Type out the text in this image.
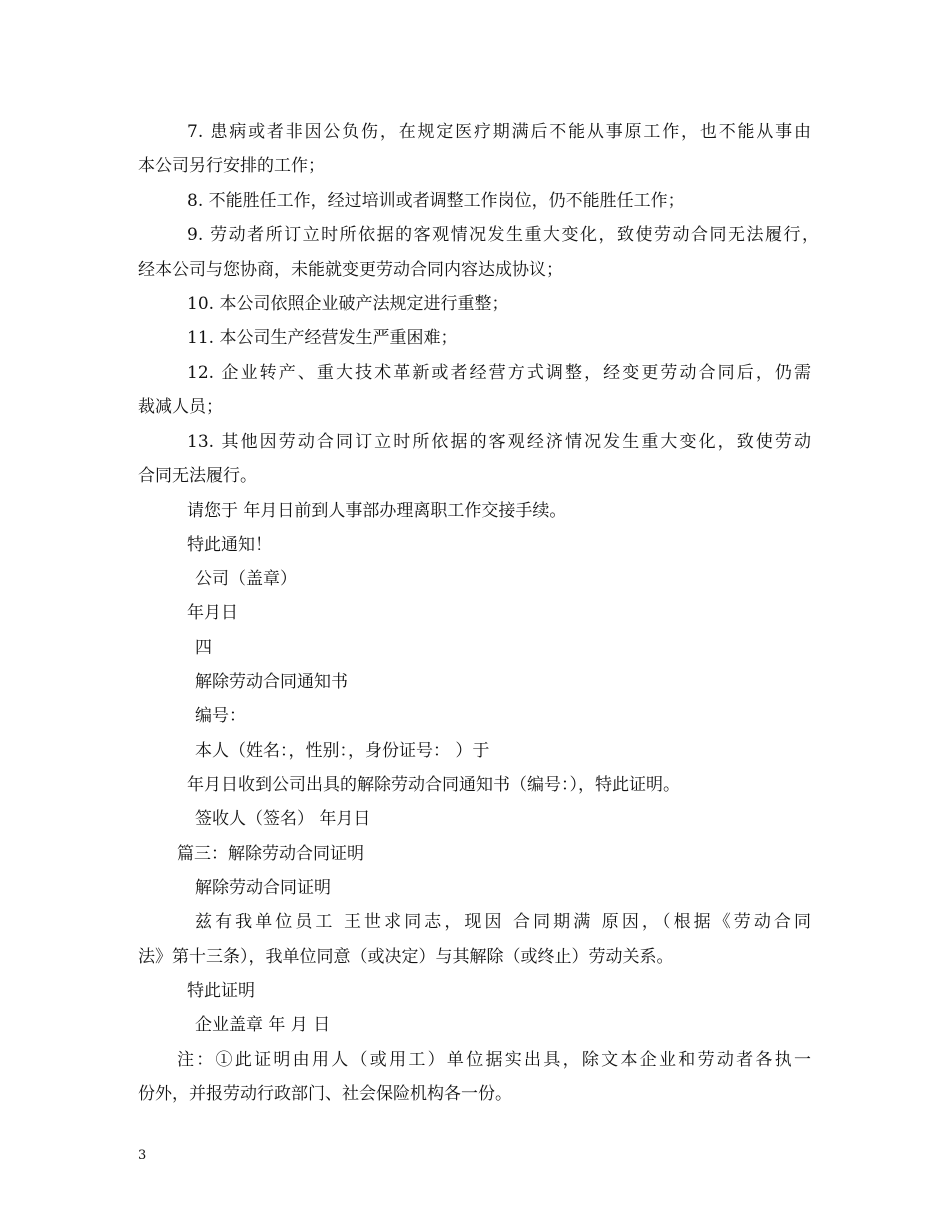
7. 患病或者非因公负伤，在规定医疗期满后不能从事原工作，也不能从事由
本公司另行安排的工作；
8. 不能胜任工作，经过培训或者调整工作岗位，仍不能胜任工作；
9. 劳动者所订立时所依据的客观情况发生重大变化，致使劳动合同无法履行，
经本公司与您协商，未能就变更劳动合同内容达成协议；
10. 本公司依照企业破产法规定进行重整；
11. 本公司生产经营发生严重困难；
12. 企业转产、重大技术革新或者经营方式调整，经变更劳动合同后，仍需
裁减人员；
13. 其他因劳动合同订立时所依据的客观经济情况发生重大变化，致使劳动
合同无法履行。
请您于 年月日前到人事部办理离职工作交接手续。
特此通知！
公司（盖章）
年月日
四
解除劳动合同通知书
编号：
本人（姓名：，性别：，身份证号： ）于
年月日收到公司出具的解除劳动合同通知书（编号：），特此证明。
签收人（签名） 年月日
篇三：解除劳动合同证明
解除劳动合同证明
兹有我单位员工 王世求同志，现因 合同期满 原因，（根据《劳动合同
法》第十三条），我单位同意（或决定）与其解除（或终止）劳动关系。
特此证明
企业盖章 年 月 日
注：①此证明由用人（或用工）单位据实出具，除文本企业和劳动者各执一
份外，并报劳动行政部门、社会保险机构各一份。
3
